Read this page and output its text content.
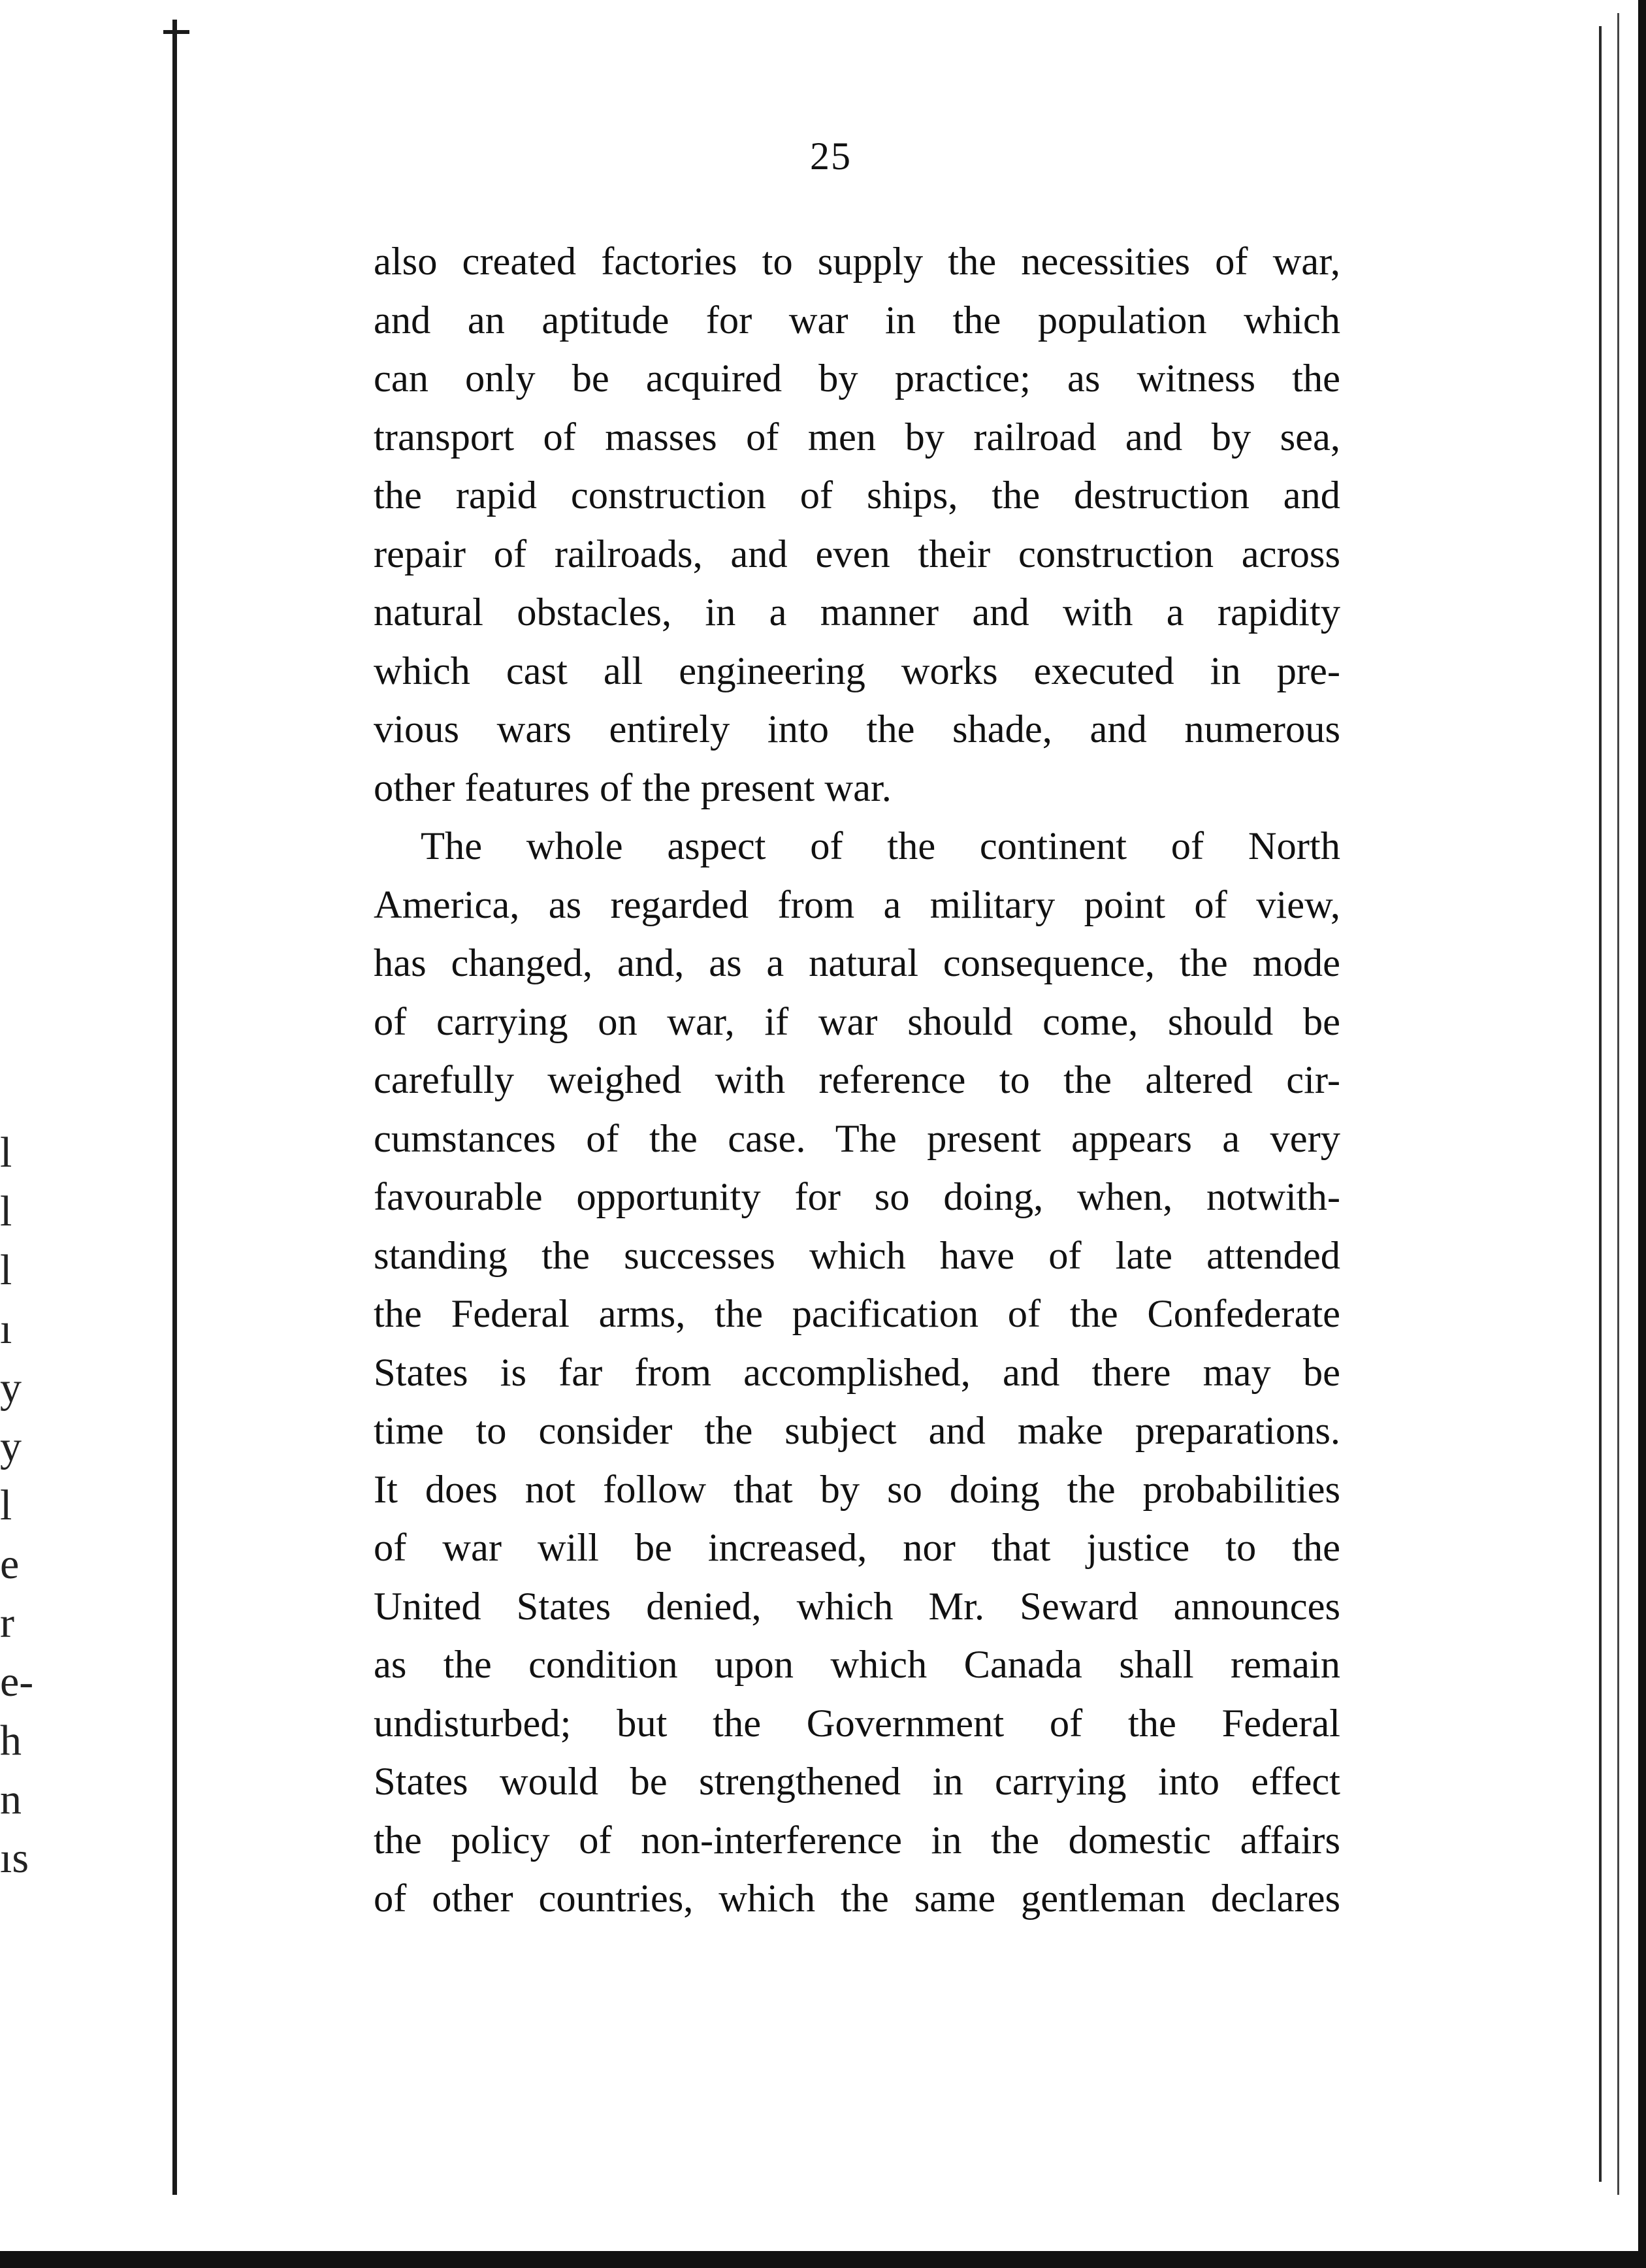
l
l
l
ı
y
y
l
e
r
e-
h
n
ıs
25
also created factories to supply the necessities of war,
and an aptitude for war in the population which
can only be acquired by practice; as witness the
transport of masses of men by railroad and by sea,
the rapid construction of ships, the destruction and
repair of railroads, and even their construction across
natural obstacles, in a manner and with a rapidity
which cast all engineering works executed in pre-
vious wars entirely into the shade, and numerous
other features of the present war.
The whole aspect of the continent of North
America, as regarded from a military point of view,
has changed, and, as a natural consequence, the mode
of carrying on war, if war should come, should be
carefully weighed with reference to the altered cir-
cumstances of the case. The present appears a very
favourable opportunity for so doing, when, notwith-
standing the successes which have of late attended
the Federal arms, the pacification of the Confederate
States is far from accomplished, and there may be
time to consider the subject and make preparations.
It does not follow that by so doing the probabilities
of war will be increased, nor that justice to the
United States denied, which Mr. Seward announces
as the condition upon which Canada shall remain
undisturbed; but the Government of the Federal
States would be strengthened in carrying into effect
the policy of non-interference in the domestic affairs
of other countries, which the same gentleman declares
